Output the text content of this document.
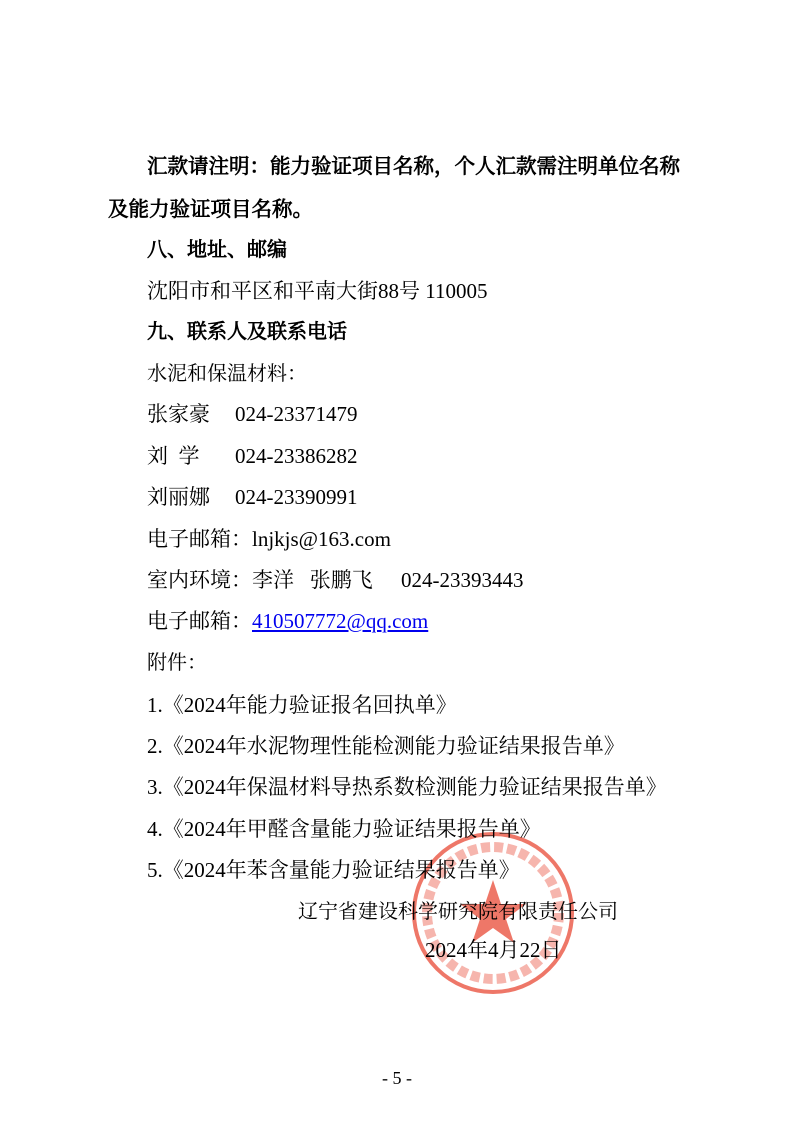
汇款请注明：能力验证项目名称，个人汇款需注明单位名称
及能力验证项目名称。
八、地址、邮编
沈阳市和平区和平南大街88号 110005
九、联系人及联系电话
水泥和保温材料：
张家豪 024-23371479
刘  学 024-23386282
刘丽娜 024-23390991
电子邮箱：lnjkjs@163.com
室内环境：李洋   张鹏飞 024-23393443
电子邮箱：410507772@qq.com
附件：
1.《2024年能力验证报名回执单》
2.《2024年水泥物理性能检测能力验证结果报告单》
3.《2024年保温材料导热系数检测能力验证结果报告单》
4.《2024年甲醛含量能力验证结果报告单》
5.《2024年苯含量能力验证结果报告单》
辽宁省建设科学研究院有限责任公司
2024年4月22日
- 5 -
